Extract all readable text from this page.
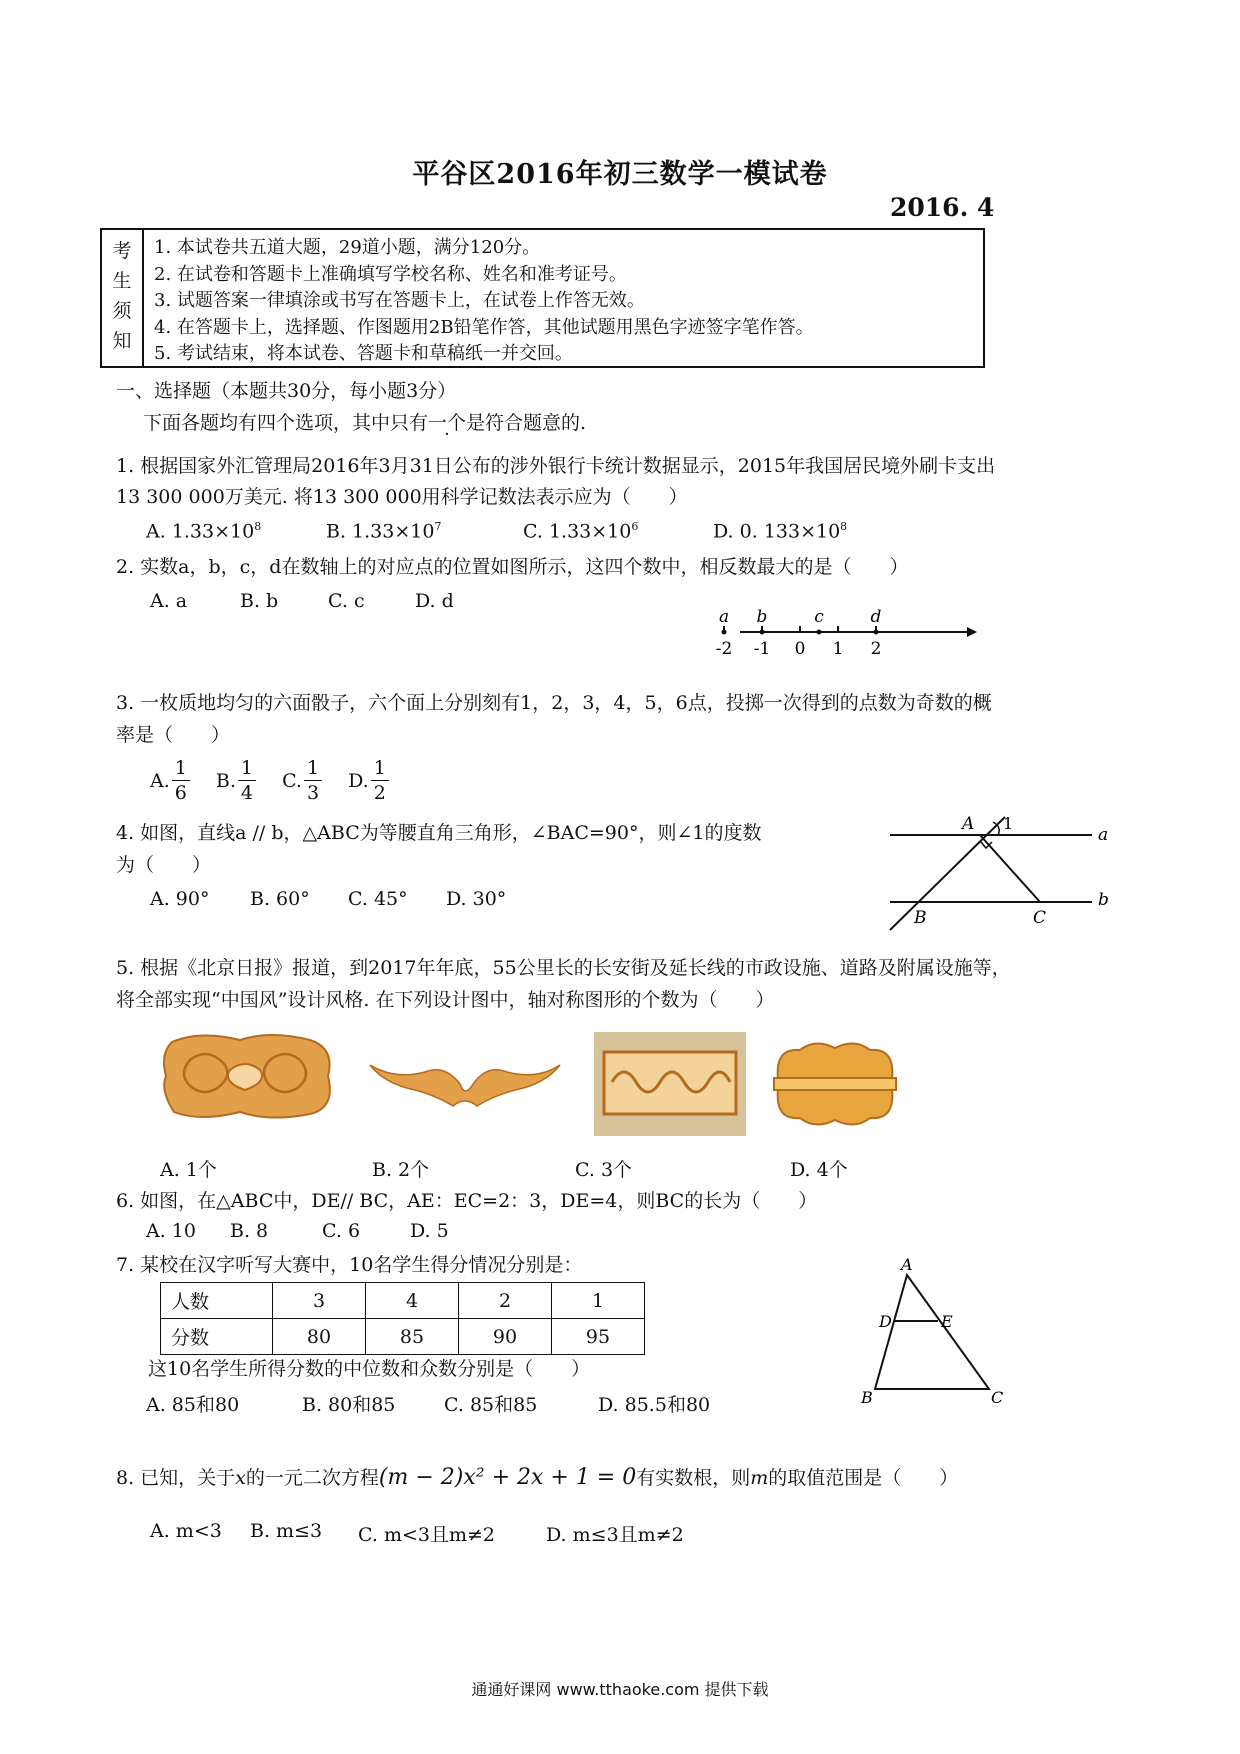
平谷区2016年初三数学一模试卷
2016. 4
考
生
须
知
1. 本试卷共五道大题，29道小题，满分120分。
2. 在试卷和答题卡上准确填写学校名称、姓名和准考证号。
3. 试题答案一律填涂或书写在答题卡上，在试卷上作答无效。
4. 在答题卡上，选择题、作图题用2B铅笔作答，其他试题用黑色字迹签字笔作答。
5. 考试结束，将本试卷、答题卡和草稿纸一并交回。
一、选择题（本题共30分，每小题3分）
下面各题均有四个选项，其中只有一个是符合题意的.
1. 根据国家外汇管理局2016年3月31日公布的涉外银行卡统计数据显示，2015年我国居民境外刷卡支出
13 300 000万美元. 将13 300 000用科学记数法表示应为（　　）
A. $1.33\times 10^8$	B. $1.33\times 10^7$	C. $1.33\times 10^6$	D. 0. $133\times 10^8$
2. 实数a，b，c，d在数轴上的对应点的位置如图所示，这四个数中，相反数最大的是（　　）
A. a	B. b	C. c	D. d
-2 -1 0 1 2
a b	c	d
3. 一枚质地均匀的六面骰子，六个面上分别刻有1，2，3，4，5，6点，投掷一次得到的点数为奇数的概
率是（　　）
A. $\frac{1}{6}$
B. $\frac{1}{4}$
C. $\frac{1}{3}$
D. $\frac{1}{2}$
4. 如图，直线a // b，△ABC为等腰直角三角形，∠BAC=90°，则∠1的度数
为（　　）
A. 90° B. 60° C. 45° D. 30°
A 1
a
b
B	C
5. 根据《北京日报》报道，到2017年年底，55公里长的长安街及延长线的市政设施、道路及附属设施等，
将全部实现“中国风”设计风格. 在下列设计图中，轴对称图形的个数为（　　）
A. 1个	B. 2个	C. 3个	D. 4个
6. 如图，在△ABC中，DE// BC，AE：EC=2：3，DE=4，则BC的长为（　　）
A. 10 B. 8	C. 6	D. 5
A
D	E
B	C
7. 某校在汉字听写大赛中，10名学生得分情况分别是：
人数	3	4	2	1
分数	80	85	90	95
这10名学生所得分数的中位数和众数分别是（　　）
A. 85和80	B. 80和85	C. 85和85	D. 85.5和80
8. 已知，关于x的一元二次方程(m − 2)x² + 2x + 1 = 0有实数根，则m的取值范围是（　　）
A. m<3 B. m≤3 C. m<3且m≠2	D. m≤3且m≠2
通通好课网 www.tthaoke.com 提供下载
